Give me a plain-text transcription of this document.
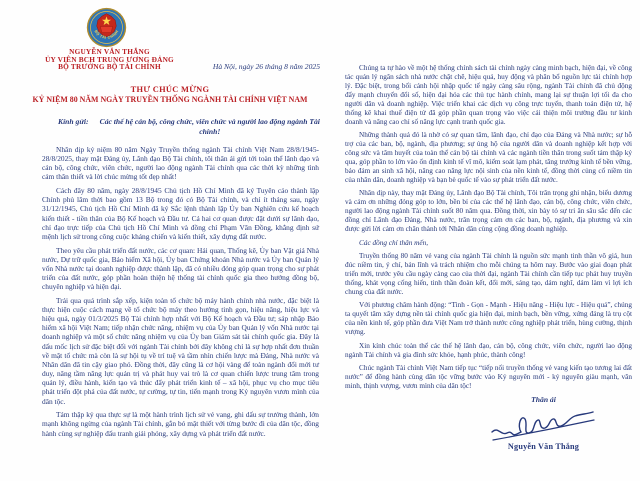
BỘ TÀI CHÍNH
NGUYỄN VĂN THẮNG
ỦY VIÊN BCH TRUNG ƯƠNG ĐẢNG
BỘ TRƯỞNG BỘ TÀI CHÍNH	Hà Nội, ngày 26 tháng 8 năm 2025
THƯ CHÚC MỪNG
KỶ NIỆM 80 NĂM NGÀY TRUYỀN THỐNG NGÀNH TÀI CHÍNH VIỆT NAM
Kính gửi: Các thế hệ cán bộ, công chức, viên chức và người lao động ngành Tài chính!

Nhân dịp kỷ niệm 80 năm Ngày Truyền thống ngành Tài chính Việt Nam 28/8/1945-28/8/2025, thay mặt Đảng ủy, Lãnh đạo Bộ Tài chính, tôi thân ái gửi tới toàn thể lãnh đạo và cán bộ, công chức, viên chức, người lao động ngành Tài chính qua các thời kỳ những tình cảm thân thiết và lời chúc mừng tốt đẹp nhất!

Cách đây 80 năm, ngày 28/8/1945 Chủ tịch Hồ Chí Minh đã ký Tuyên cáo thành lập Chính phủ lâm thời bao gồm 13 Bộ trong đó có Bộ Tài chính, và chỉ ít tháng sau, ngày 31/12/1945, Chủ tịch Hồ Chí Minh đã ký Sắc lệnh thành lập Ủy ban Nghiên cứu kế hoạch kiến thiết - tiền thân của Bộ Kế hoạch và Đầu tư. Cả hai cơ quan được đặt dưới sự lãnh đạo, chỉ đạo trực tiếp của Chủ tịch Hồ Chí Minh và đồng chí Phạm Văn Đồng, khẳng định sứ mệnh lịch sử trong công cuộc kháng chiến và kiến thiết, xây dựng đất nước.

Theo yêu cầu phát triển đất nước, các cơ quan: Hải quan, Thống kê, Ủy ban Vật giá Nhà nước, Dự trữ quốc gia, Bảo hiểm Xã hội, Ủy ban Chứng khoán Nhà nước và Ủy ban Quản lý vốn Nhà nước tại doanh nghiệp được thành lập, đã có nhiều đóng góp quan trọng cho sự phát triển của đất nước, góp phần hoàn thiện hệ thống tài chính quốc gia theo hướng đồng bộ, chuyên nghiệp và hiện đại.

Trải qua quá trình sắp xếp, kiện toàn tổ chức bộ máy hành chính nhà nước, đặc biệt là thực hiện cuộc cách mạng về tổ chức bộ máy theo hướng tinh gọn, hiệu năng, hiệu lực và hiệu quả, ngày 01/3/2025 Bộ Tài chính hợp nhất với Bộ Kế hoạch và Đầu tư; sáp nhập Bảo hiểm xã hội Việt Nam; tiếp nhận chức năng, nhiệm vụ của Ủy ban Quản lý vốn Nhà nước tại doanh nghiệp và một số chức năng nhiệm vụ của Ủy ban Giám sát tài chính quốc gia. Đây là dấu mốc lịch sử đặc biệt đối với ngành Tài chính bởi đây không chỉ là sự hợp nhất đơn thuần về mặt tổ chức mà còn là sự hội tụ về trí tuệ và tầm nhìn chiến lược mà Đảng, Nhà nước và Nhân dân đã tin cậy giao phó. Đồng thời, đây cũng là cơ hội vàng để toàn ngành đổi mới tư duy, nâng tầm năng lực quản trị và phát huy vai trò là cơ quan chiến lược trung tâm trong quản lý, điều hành, kiến tạo và thúc đẩy phát triển kinh tế – xã hội, phục vụ cho mục tiêu phát triển đột phá của đất nước, tự cường, tự tin, tiến mạnh trong Kỷ nguyên vươn mình của dân tộc.

Tám thập kỷ qua thực sự là một hành trình lịch sử vẻ vang, ghi dấu sự trưởng thành, lớn mạnh không ngừng của ngành Tài chính, gắn bó mật thiết với từng bước đi của dân tộc, đồng hành cùng sự nghiệp đấu tranh giải phóng, xây dựng và phát triển đất nước.

Chúng ta tự hào về một hệ thống chính sách tài chính ngày càng minh bạch, hiện đại, về công tác quản lý ngân sách nhà nước chặt chẽ, hiệu quả, huy động và phân bổ nguồn lực tài chính hợp lý. Đặc biệt, trong bối cảnh hội nhập quốc tế ngày càng sâu rộng, ngành Tài chính đã chủ động đẩy mạnh chuyển đổi số, hiện đại hóa các thủ tục hành chính, mang lại sự thuận lợi tối đa cho người dân và doanh nghiệp. Việc triển khai các dịch vụ công trực tuyến, thanh toán điện tử, hệ thống kê khai thuế điện tử đã góp phần quan trọng vào việc cải thiện môi trường đầu tư kinh doanh và nâng cao chỉ số năng lực cạnh tranh quốc gia.

Những thành quả đó là nhờ có sự quan tâm, lãnh đạo, chỉ đạo của Đảng và Nhà nước; sự hỗ trợ của các ban, bộ, ngành, địa phương; sự ủng hộ của người dân và doanh nghiệp kết hợp với công sức và tâm huyết của toàn thể cán bộ tài chính và các ngành tiền thân trong suốt tám thập kỷ qua, góp phần to lớn vào ổn định kinh tế vĩ mô, kiểm soát lạm phát, tăng trưởng kinh tế bền vững, bảo đảm an sinh xã hội, nâng cao năng lực nội sinh của nền kinh tế, đồng thời củng cố niềm tin của nhân dân, doanh nghiệp và bạn bè quốc tế vào sự phát triển đất nước.

Nhân dịp này, thay mặt Đảng ủy, Lãnh đạo Bộ Tài chính, Tôi trân trọng ghi nhận, biểu dương và cảm ơn những đóng góp to lớn, bền bỉ của các thế hệ lãnh đạo, cán bộ, công chức, viên chức, người lao động ngành Tài chính suốt 80 năm qua. Đồng thời, xin bày tỏ sự tri ân sâu sắc đến các đồng chí Lãnh đạo Đảng, Nhà nước, trân trọng cảm ơn các ban, bộ, ngành, địa phương và xin được gửi lời cảm ơn chân thành tới Nhân dân cùng cộng đồng doanh nghiệp.

Các đồng chí thân mến,

Truyền thống 80 năm vẻ vang của ngành Tài chính là nguồn sức mạnh tinh thần vô giá, hun đúc niềm tin, ý chí, bản lĩnh và trách nhiệm cho mỗi chúng ta hôm nay. Bước vào giai đoạn phát triển mới, trước yêu cầu ngày càng cao của thời đại, ngành Tài chính cần tiếp tục phát huy truyền thống, khát vọng cống hiến, tinh thần đoàn kết, đổi mới, sáng tạo, dám nghĩ, dám làm vì lợi ích chung của đất nước.

Với phương châm hành động: “Tinh - Gọn - Mạnh - Hiệu năng - Hiệu lực - Hiệu quả”, chúng ta quyết tâm xây dựng nền tài chính quốc gia hiện đại, minh bạch, bền vững, xứng đáng là trụ cột của nền kinh tế, góp phần đưa Việt Nam trở thành nước công nghiệp phát triển, hùng cường, thịnh vượng.

Xin kính chúc toàn thể các thế hệ lãnh đạo, cán bộ, công chức, viên chức, người lao động ngành Tài chính và gia đình sức khỏe, hạnh phúc, thành công!

Chúc ngành Tài chính Việt Nam tiếp tục “tiếp nối truyền thống vẻ vang kiến tạo tương lai đất nước” để đồng hành cùng dân tộc vững bước vào Kỷ nguyên mới - kỷ nguyên giàu mạnh, văn minh, thịnh vượng, vươn mình của dân tộc!

Thân ái
Nguyễn Văn Thắng
